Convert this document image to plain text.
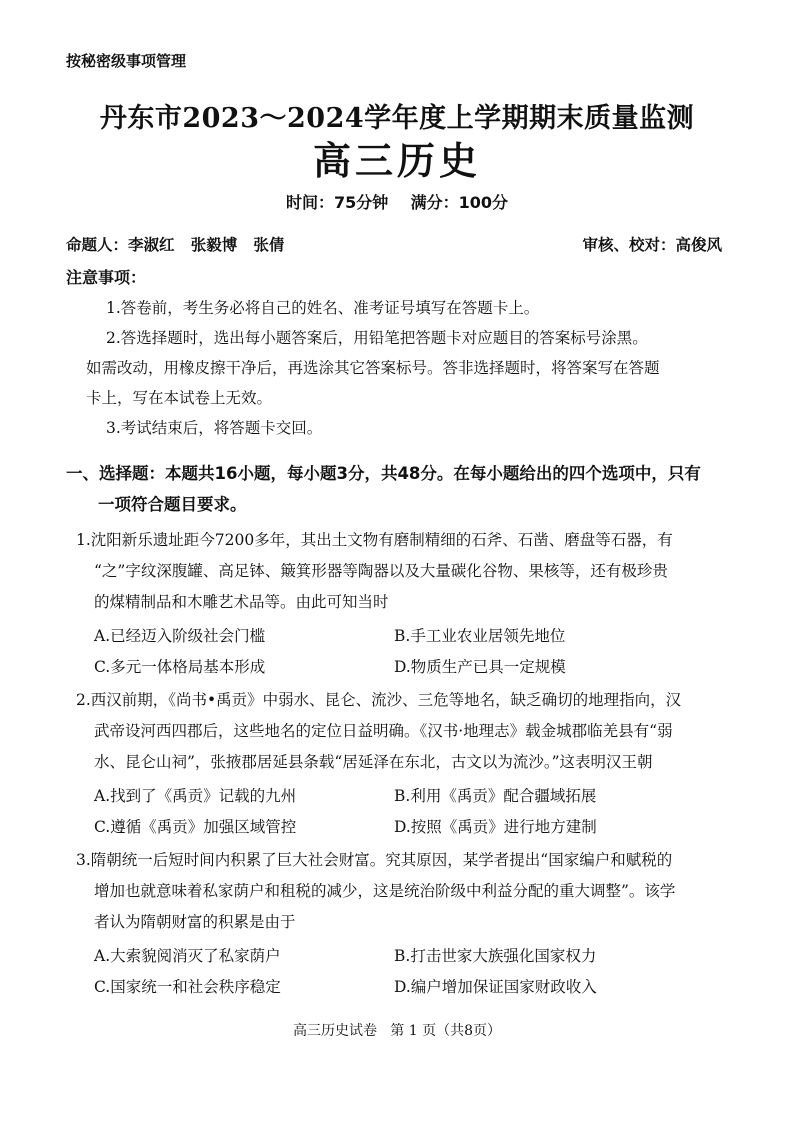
按秘密级事项管理
丹东市2023～2024学年度上学期期末质量监测
高三历史
时间：75分钟    满分：100分
命题人：李淑红   张毅博   张倩	审核、校对：高俊风
注意事项：
1.答卷前，考生务必将自己的姓名、准考证号填写在答题卡上。
2.答选择题时，选出每小题答案后，用铅笔把答题卡对应题目的答案标号涂黑。
如需改动，用橡皮擦干净后，再选涂其它答案标号。答非选择题时，将答案写在答题
卡上，写在本试卷上无效。
3.考试结束后，将答题卡交回。
一、选择题：本题共16小题，每小题3分，共48分。在每小题给出的四个选项中，只有
一项符合题目要求。
1.沈阳新乐遗址距今7200多年，其出土文物有磨制精细的石斧、石凿、磨盘等石器，有
“之”字纹深腹罐、高足钵、簸箕形器等陶器以及大量碳化谷物、果核等，还有极珍贵
的煤精制品和木雕艺术品等。由此可知当时
A.已经迈入阶级社会门槛	B.手工业农业居领先地位
C.多元一体格局基本形成	D.物质生产已具一定规模
2.西汉前期，《尚书•禹贡》中弱水、昆仑、流沙、三危等地名，缺乏确切的地理指向，汉
武帝设河西四郡后，这些地名的定位日益明确。《汉书·地理志》载金城郡临羌县有“弱
水、昆仑山祠”，张掖郡居延县条载“居延泽在东北，古文以为流沙。”这表明汉王朝
A.找到了《禹贡》记载的九州	B.利用《禹贡》配合疆域拓展
C.遵循《禹贡》加强区域管控	D.按照《禹贡》进行地方建制
3.隋朝统一后短时间内积累了巨大社会财富。究其原因，某学者提出“国家编户和赋税的
增加也就意味着私家荫户和租税的减少，这是统治阶级中利益分配的重大调整”。该学
者认为隋朝财富的积累是由于
A.大索貌阅消灭了私家荫户	B.打击世家大族强化国家权力
C.国家统一和社会秩序稳定	D.编户增加保证国家财政收入
高三历史试卷   第 1 页（共8页）
